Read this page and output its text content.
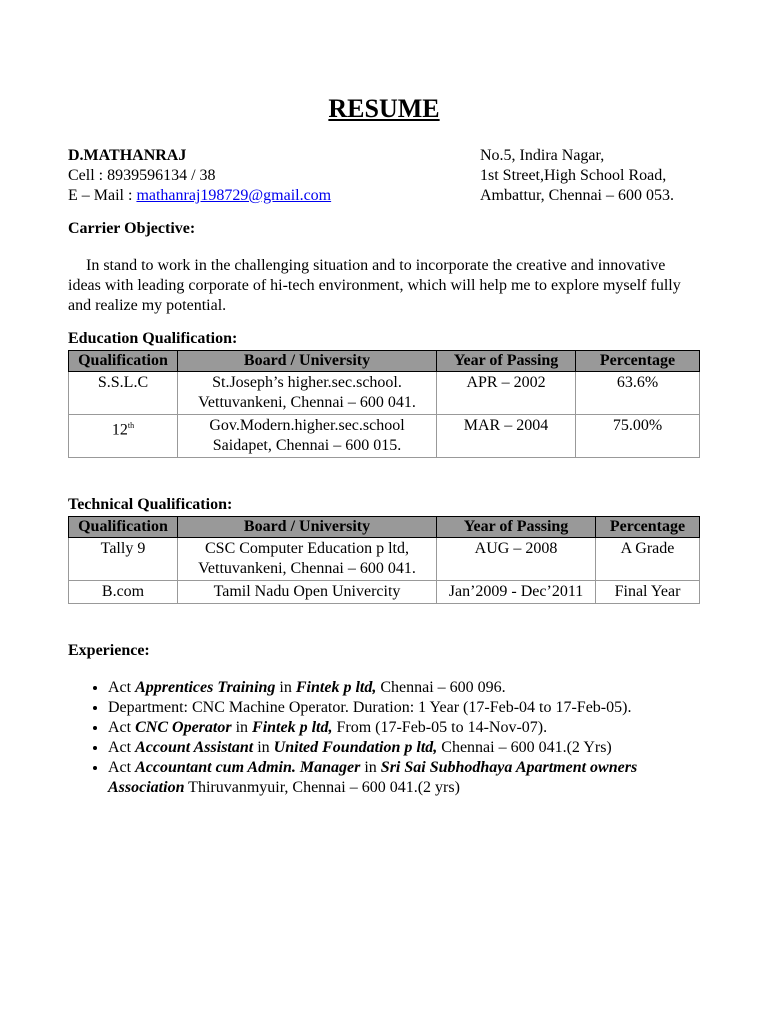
RESUME
D.MATHANRAJ
Cell : 8939596134 / 38
E – Mail : mathanraj198729@gmail.com
No.5, Indira Nagar,
1st Street,High School Road,
Ambattur, Chennai – 600 053.
Carrier Objective:
In stand to work in the challenging situation and to incorporate the creative and innovative ideas with leading corporate of hi-tech environment, which will help me to explore myself fully and realize my potential.
Education Qualification:
Qualification	Board / University	Year of Passing	Percentage
S.S.L.C	St.Joseph’s higher.sec.school. Vettuvankeni, Chennai – 600 041.	APR – 2002	63.6%
12th	Gov.Modern.higher.sec.school Saidapet, Chennai – 600 015.	MAR – 2004	75.00%
Technical Qualification:
Qualification	Board / University	Year of Passing	Percentage
Tally 9	CSC Computer Education p ltd, Vettuvankeni, Chennai – 600 041.	AUG – 2008	A Grade
B.com	Tamil Nadu Open Univercity	Jan’2009 - Dec’2011	Final Year
Experience:
• Act Apprentices Training in Fintek p ltd, Chennai – 600 096.
• Department: CNC Machine Operator. Duration: 1 Year (17-Feb-04 to 17-Feb-05).
• Act CNC Operator in Fintek p ltd, From (17-Feb-05 to 14-Nov-07).
• Act Account Assistant in United Foundation p ltd, Chennai – 600 041.(2 Yrs)
• Act Accountant cum Admin. Manager in Sri Sai Subhodhaya Apartment owners Association Thiruvanmyuir, Chennai – 600 041.(2 yrs)
